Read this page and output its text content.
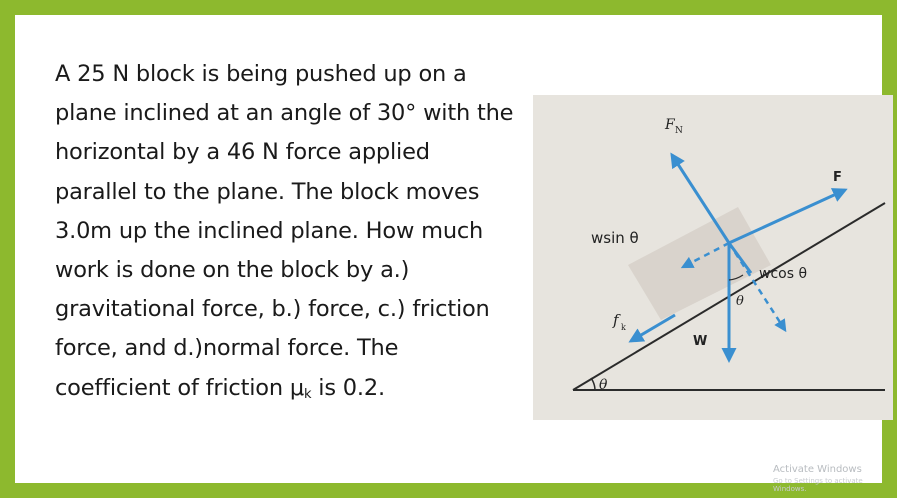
A 25 N block is being pushed up on a
plane inclined at an angle of 30° with the
horizontal by a 46 N force applied
parallel to the plane. The block moves
3.0m up the inclined plane. How much
work is done on the block by a.)
gravitational force, b.) force, c.) friction
force, and d.)normal force. The
coefficient of friction $\mu_k$ is 0.2.
F N
F
wsin θ
wcos θ
f k
W
θ
θ
Activate Windows
Go to Settings to activate Windows.
